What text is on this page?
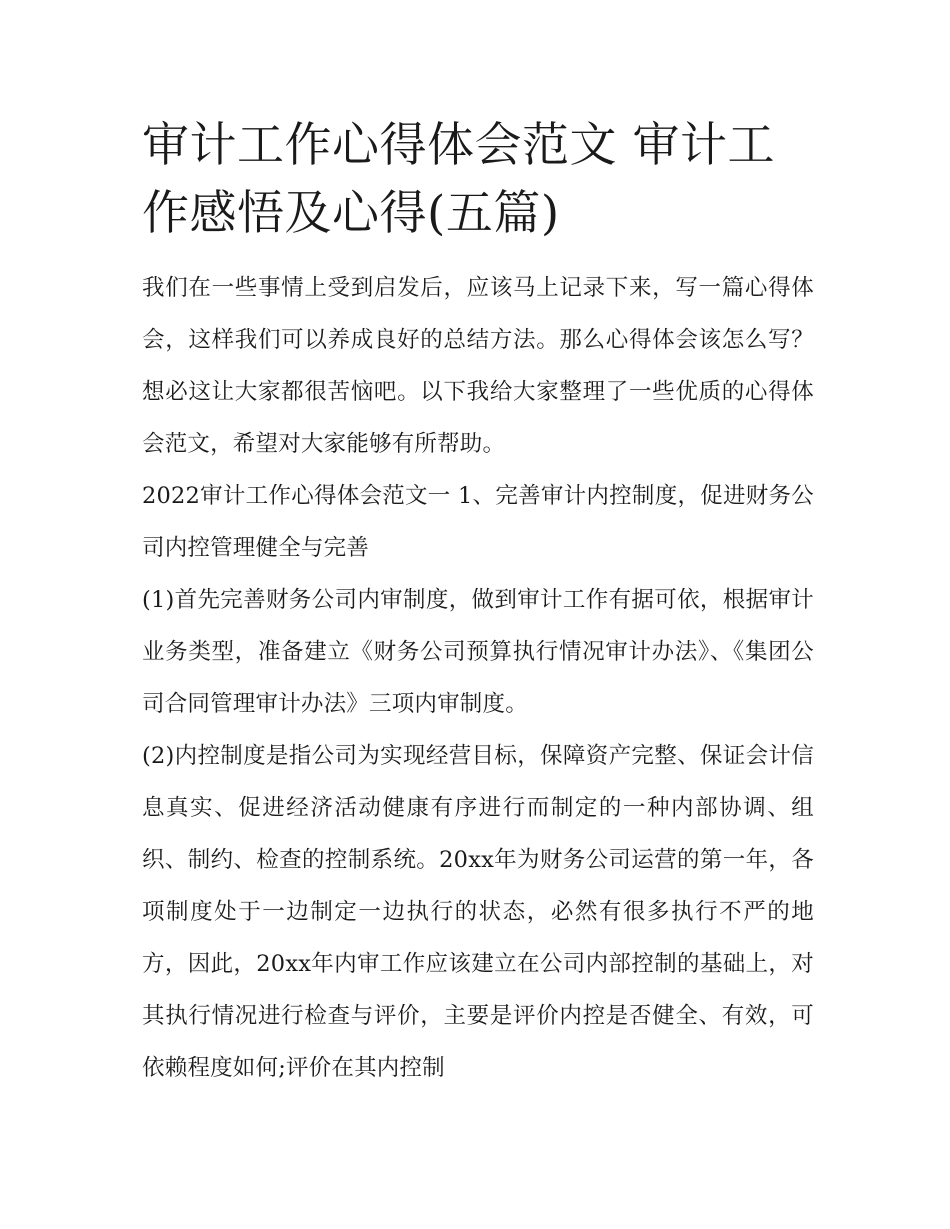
审计工作心得体会范文 审计工作感悟及心得(五篇)

我们在一些事情上受到启发后，应该马上记录下来，写一篇心得体会，这样我们可以养成良好的总结方法。那么心得体会该怎么写？想必这让大家都很苦恼吧。以下我给大家整理了一些优质的心得体会范文，希望对大家能够有所帮助。

2022审计工作心得体会范文一 1、完善审计内控制度，促进财务公司内控管理健全与完善

(1)首先完善财务公司内审制度，做到审计工作有据可依，根据审计业务类型，准备建立《财务公司预算执行情况审计办法》、《集团公司合同管理审计办法》三项内审制度。

(2)内控制度是指公司为实现经营目标，保障资产完整、保证会计信息真实、促进经济活动健康有序进行而制定的一种内部协调、组织、制约、检查的控制系统。20xx年为财务公司运营的第一年，各项制度处于一边制定一边执行的状态，必然有很多执行不严的地方，因此，20xx年内审工作应该建立在公司内部控制的基础上，对其执行情况进行检查与评价，主要是评价内控是否健全、有效，可依赖程度如何;评价在其内控制
